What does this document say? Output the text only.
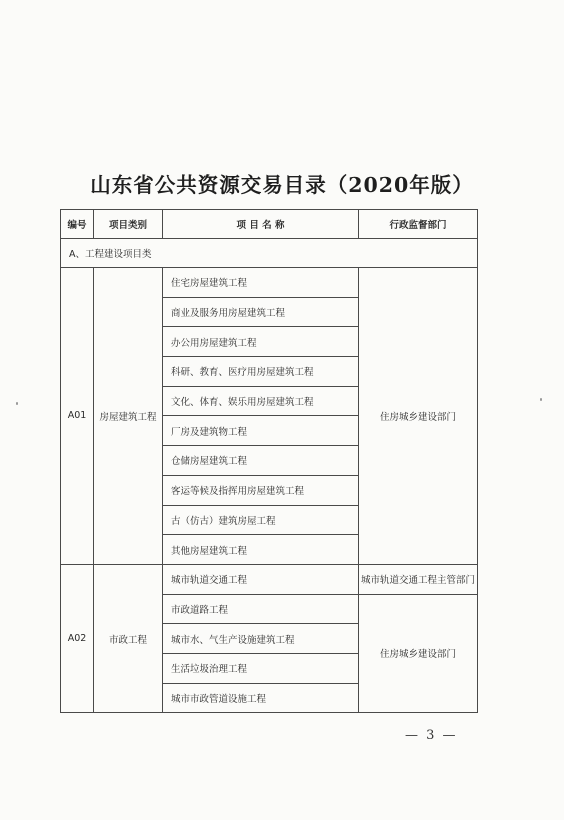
山东省公共资源交易目录（2020年版）
编号	项目类别	项 目 名 称	行政监督部门
A、工程建设项目类			
A01	房屋建筑工程	住宅房屋建筑工程	住房城乡建设部门
		商业及服务用房屋建筑工程	
		办公用房屋建筑工程	
		科研、教育、医疗用房屋建筑工程	
		文化、体育、娱乐用房屋建筑工程	
		厂房及建筑物工程	
		仓储房屋建筑工程	
		客运等候及指挥用房屋建筑工程	
		古（仿古）建筑房屋工程	
		其他房屋建筑工程	
A02	市政工程	城市轨道交通工程	城市轨道交通工程主管部门
		市政道路工程	住房城乡建设部门
		城市水、气生产设施建筑工程	
		生活垃圾治理工程	
		城市市政管道设施工程	
— 3 —
